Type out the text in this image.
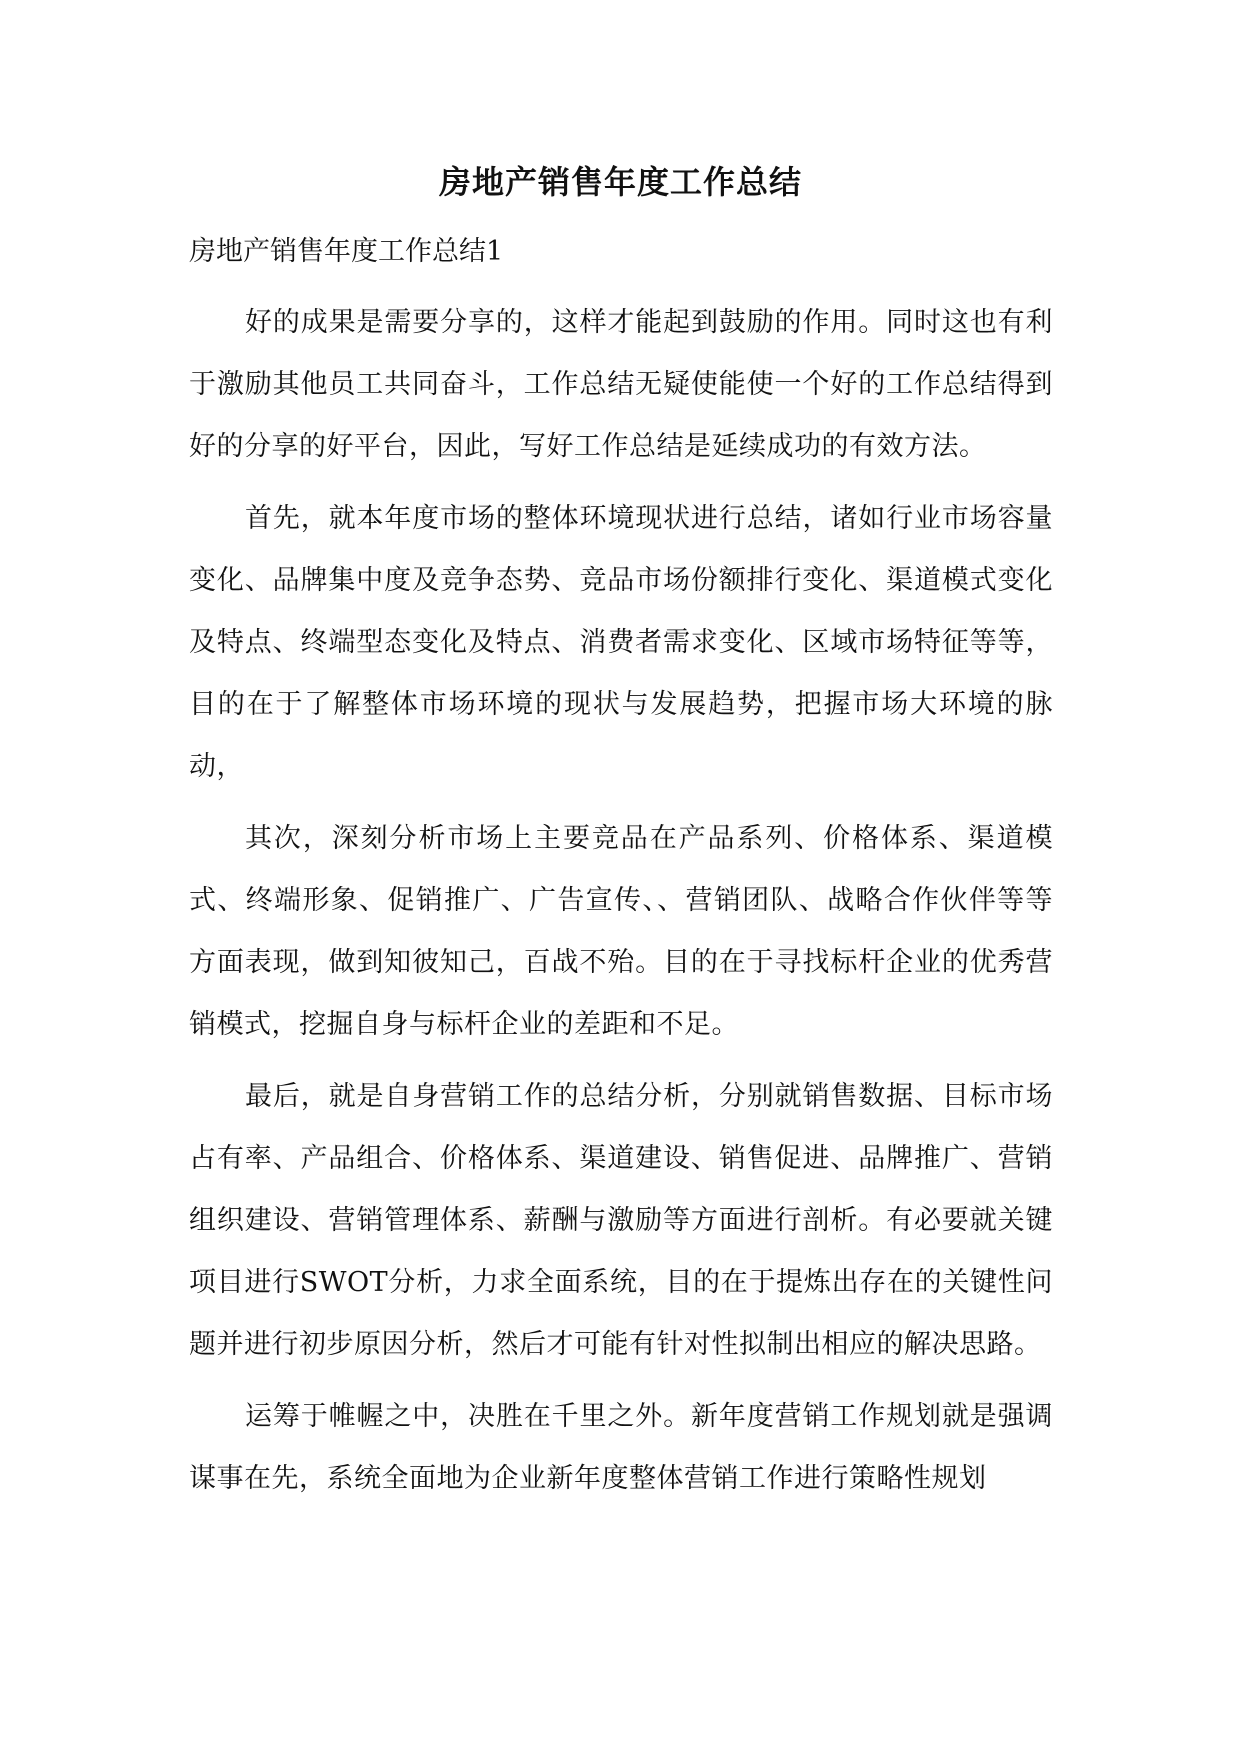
房地产销售年度工作总结
房地产销售年度工作总结1

好的成果是需要分享的，这样才能起到鼓励的作用。同时这也有利于激励其他员工共同奋斗，工作总结无疑使能使一个好的工作总结得到好的分享的好平台，因此，写好工作总结是延续成功的有效方法。

首先，就本年度市场的整体环境现状进行总结，诸如行业市场容量变化、品牌集中度及竞争态势、竞品市场份额排行变化、渠道模式变化及特点、终端型态变化及特点、消费者需求变化、区域市场特征等等，目的在于了解整体市场环境的现状与发展趋势，把握市场大环境的脉动，

其次，深刻分析市场上主要竞品在产品系列、价格体系、渠道模式、终端形象、促销推广、广告宣传、、营销团队、战略合作伙伴等等方面表现，做到知彼知己，百战不殆。目的在于寻找标杆企业的优秀营销模式，挖掘自身与标杆企业的差距和不足。

最后，就是自身营销工作的总结分析，分别就销售数据、目标市场占有率、产品组合、价格体系、渠道建设、销售促进、品牌推广、营销组织建设、营销管理体系、薪酬与激励等方面进行剖析。有必要就关键项目进行SWOT分析，力求全面系统，目的在于提炼出存在的关键性问题并进行初步原因分析，然后才可能有针对性拟制出相应的解决思路。

运筹于帷幄之中，决胜在千里之外。新年度营销工作规划就是强调谋事在先，系统全面地为企业新年度整体营销工作进行策略性规划
